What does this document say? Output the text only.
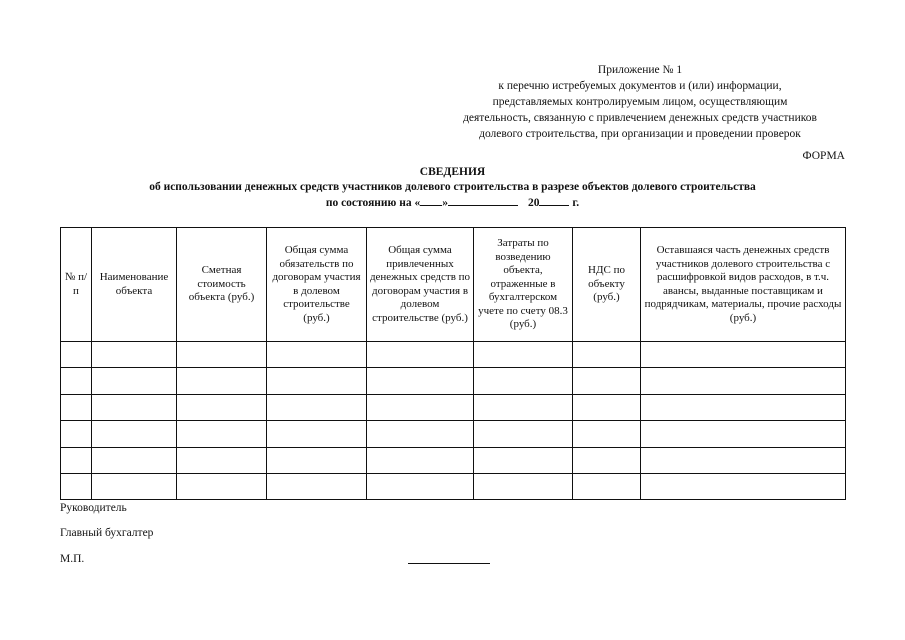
Приложение № 1
к перечню истребуемых документов и (или) информации,
представляемых контролируемым лицом, осуществляющим
деятельность, связанную с привлечением денежных средств участников
долевого строительства, при организации и проведении проверок
ФОРМА
СВЕДЕНИЯ
об использовании денежных средств участников долевого строительства в разрезе объектов долевого строительства
по состоянию на « »	20	г.
№ п/п	Наименование объекта	Сметная стоимость объекта (руб.)	Общая сумма обязательств по договорам участия в долевом строительстве (руб.)	Общая сумма привлеченных денежных средств по договорам участия в долевом строительстве (руб.)	Затраты по возведению объекта, отраженные в бухгалтерском учете по счету 08.3 (руб.)	НДС по объекту (руб.)	Оставшаяся часть денежных средств участников долевого строительства с расшифровкой видов расходов, в т.ч. авансы, выданные поставщикам и подрядчикам, материалы, прочие расходы (руб.)

Руководитель
Главный бухгалтер
М.П.
